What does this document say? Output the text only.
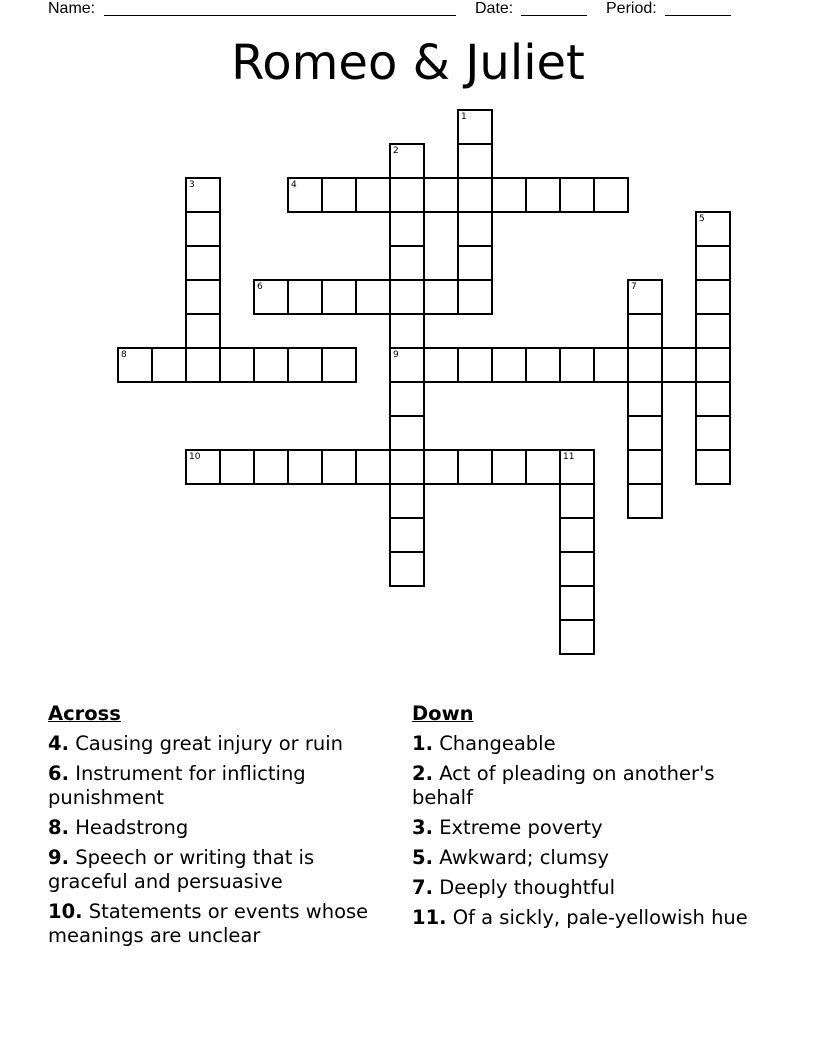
Name:	Date:	Period:
Romeo & Juliet
1
2
9
3	4
5
6	7
8
10	11
Across
4. Causing great injury or ruin
6. Instrument for inflicting punishment
8. Headstrong
9. Speech or writing that is graceful and persuasive
10. Statements or events whose meanings are unclear
Down
1. Changeable
2. Act of pleading on another's behalf
3. Extreme poverty
5. Awkward; clumsy
7. Deeply thoughtful
11. Of a sickly, pale-yellowish hue
